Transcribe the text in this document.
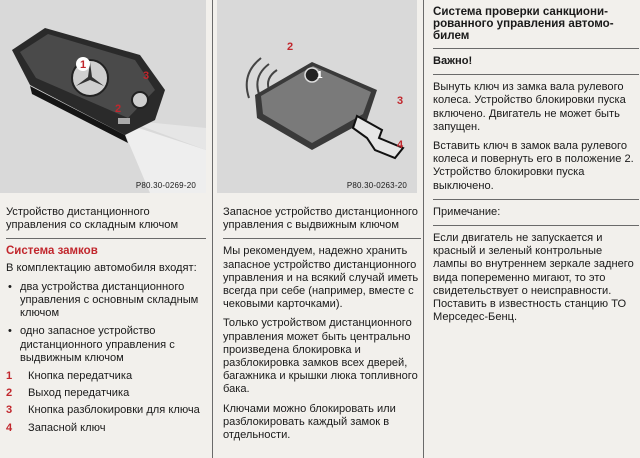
1
3
2
P80.30-0269-20

Устройство дистанционного управления со складным ключом

Система замков

В комплектацию автомобиля входят:

• два устройства дистанционного управления с основным складным ключом
• одно запасное устройство дистанционного управления с выдвижным ключом
1 Кнопка передатчика
2 Выход передатчика
3 Кнопка разблокировки для ключа
4 Запасной ключ
2
1
3
4
P80.30-0263-20

Запасное устройство дистанционного управления с выдвижным ключом

Мы рекомендуем, надежно хранить запасное устройство дистанционного управления и на всякий случай иметь всегда при себе (например, вместе с чековыми карточками).

Только устройством дистанционного управления может быть центрально произведена блокировка и разблокировка замков всех дверей, багажника и крышки люка топливного бака.

Ключами можно блокировать или разблокировать каждый замок в отдельности.

Система проверки санкционированного управления автомобилем

Важно!

Вынуть ключ из замка вала рулевого колеса. Устройство блокировки пуска включено. Двигатель не может быть запущен.

Вставить ключ в замок вала рулевого колеса и повернуть его в положение 2. Устройство блокировки пуска выключено.

Примечание:

Если двигатель не запускается и красный и зеленый контрольные лампы во внутреннем зеркале заднего вида попеременно мигают, то это свидетельствует о неисправности. Поставить в известность станцию ТО Мерседес-Бенц.
